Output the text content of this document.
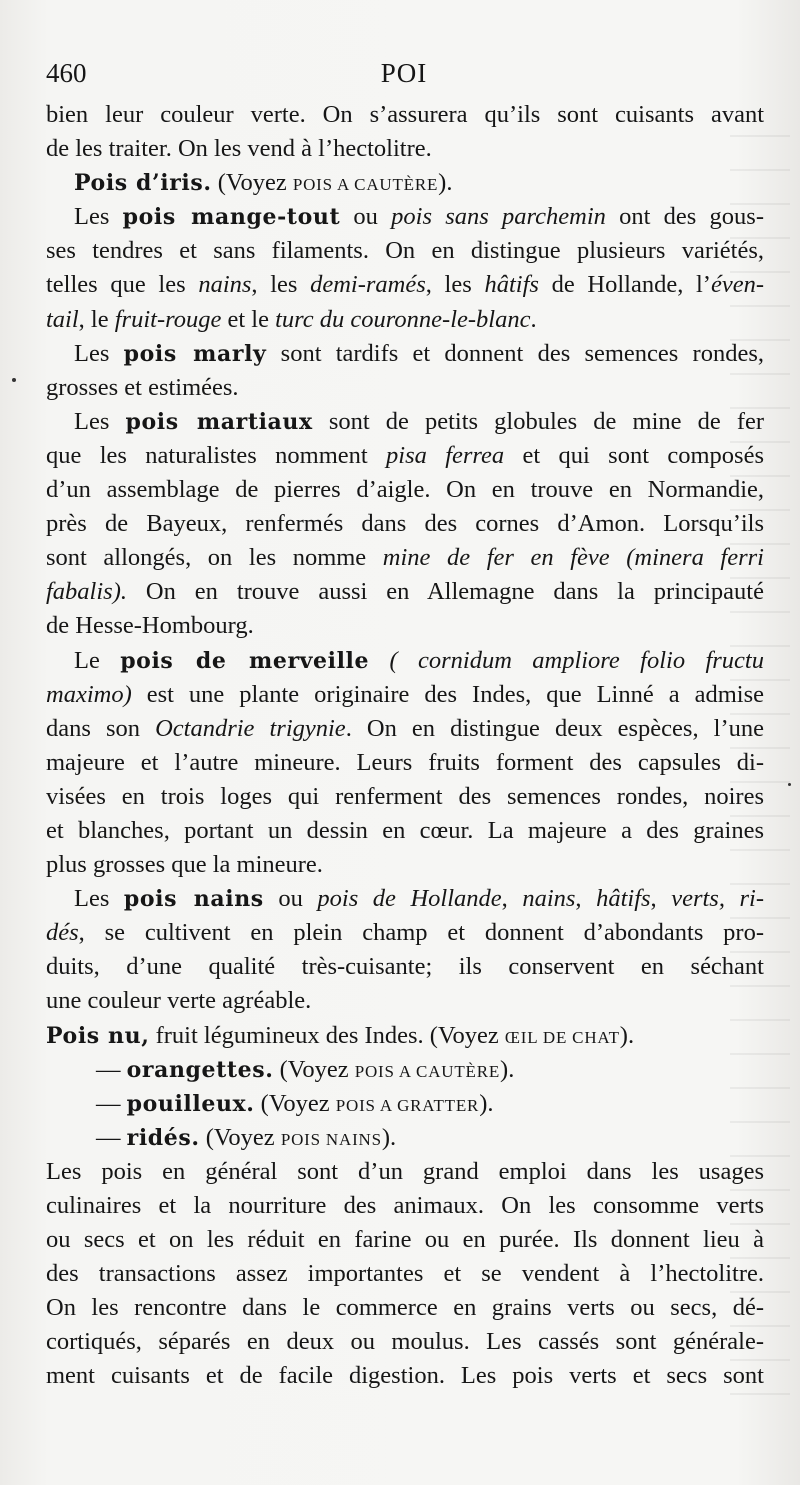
460	POI
bien leur couleur verte. On s’assurera qu’ils sont cuisants avant
de les traiter. On les vend à l’hectolitre.
Pois d’iris. (Voyez POIS A CAUTÈRE).
Les pois mange-tout ou pois sans parchemin ont des gous-
ses tendres et sans filaments. On en distingue plusieurs variétés,
telles que les nains, les demi-ramés, les hâtifs de Hollande, l’éven-
tail, le fruit-rouge et le turc du couronne-le-blanc.
Les pois marly sont tardifs et donnent des semences rondes,
grosses et estimées.
Les pois martiaux sont de petits globules de mine de fer
que les naturalistes nomment pisa ferrea et qui sont composés
d’un assemblage de pierres d’aigle. On en trouve en Normandie,
près de Bayeux, renfermés dans des cornes d’Amon. Lorsqu’ils
sont allongés, on les nomme mine de fer en fève (minera ferri
fabalis). On en trouve aussi en Allemagne dans la principauté
de Hesse-Hombourg.
Le pois de merveille ( cornidum ampliore folio fructu
maximo) est une plante originaire des Indes, que Linné a admise
dans son Octandrie trigynie. On en distingue deux espèces, l’une
majeure et l’autre mineure. Leurs fruits forment des capsules di-
visées en trois loges qui renferment des semences rondes, noires
et blanches, portant un dessin en cœur. La majeure a des graines
plus grosses que la mineure.
Les pois nains ou pois de Hollande, nains, hâtifs, verts, ri-
dés, se cultivent en plein champ et donnent d’abondants pro-
duits, d’une qualité très-cuisante; ils conservent en séchant
une couleur verte agréable.
Pois nu, fruit légumineux des Indes. (Voyez ŒIL DE CHAT).
— orangettes. (Voyez POIS A CAUTÈRE).
— pouilleux. (Voyez POIS A GRATTER).
— ridés. (Voyez POIS NAINS).
Les pois en général sont d’un grand emploi dans les usages
culinaires et la nourriture des animaux. On les consomme verts
ou secs et on les réduit en farine ou en purée. Ils donnent lieu à
des transactions assez importantes et se vendent à l’hectolitre.
On les rencontre dans le commerce en grains verts ou secs, dé-
cortiqués, séparés en deux ou moulus. Les cassés sont générale-
ment cuisants et de facile digestion. Les pois verts et secs sont
